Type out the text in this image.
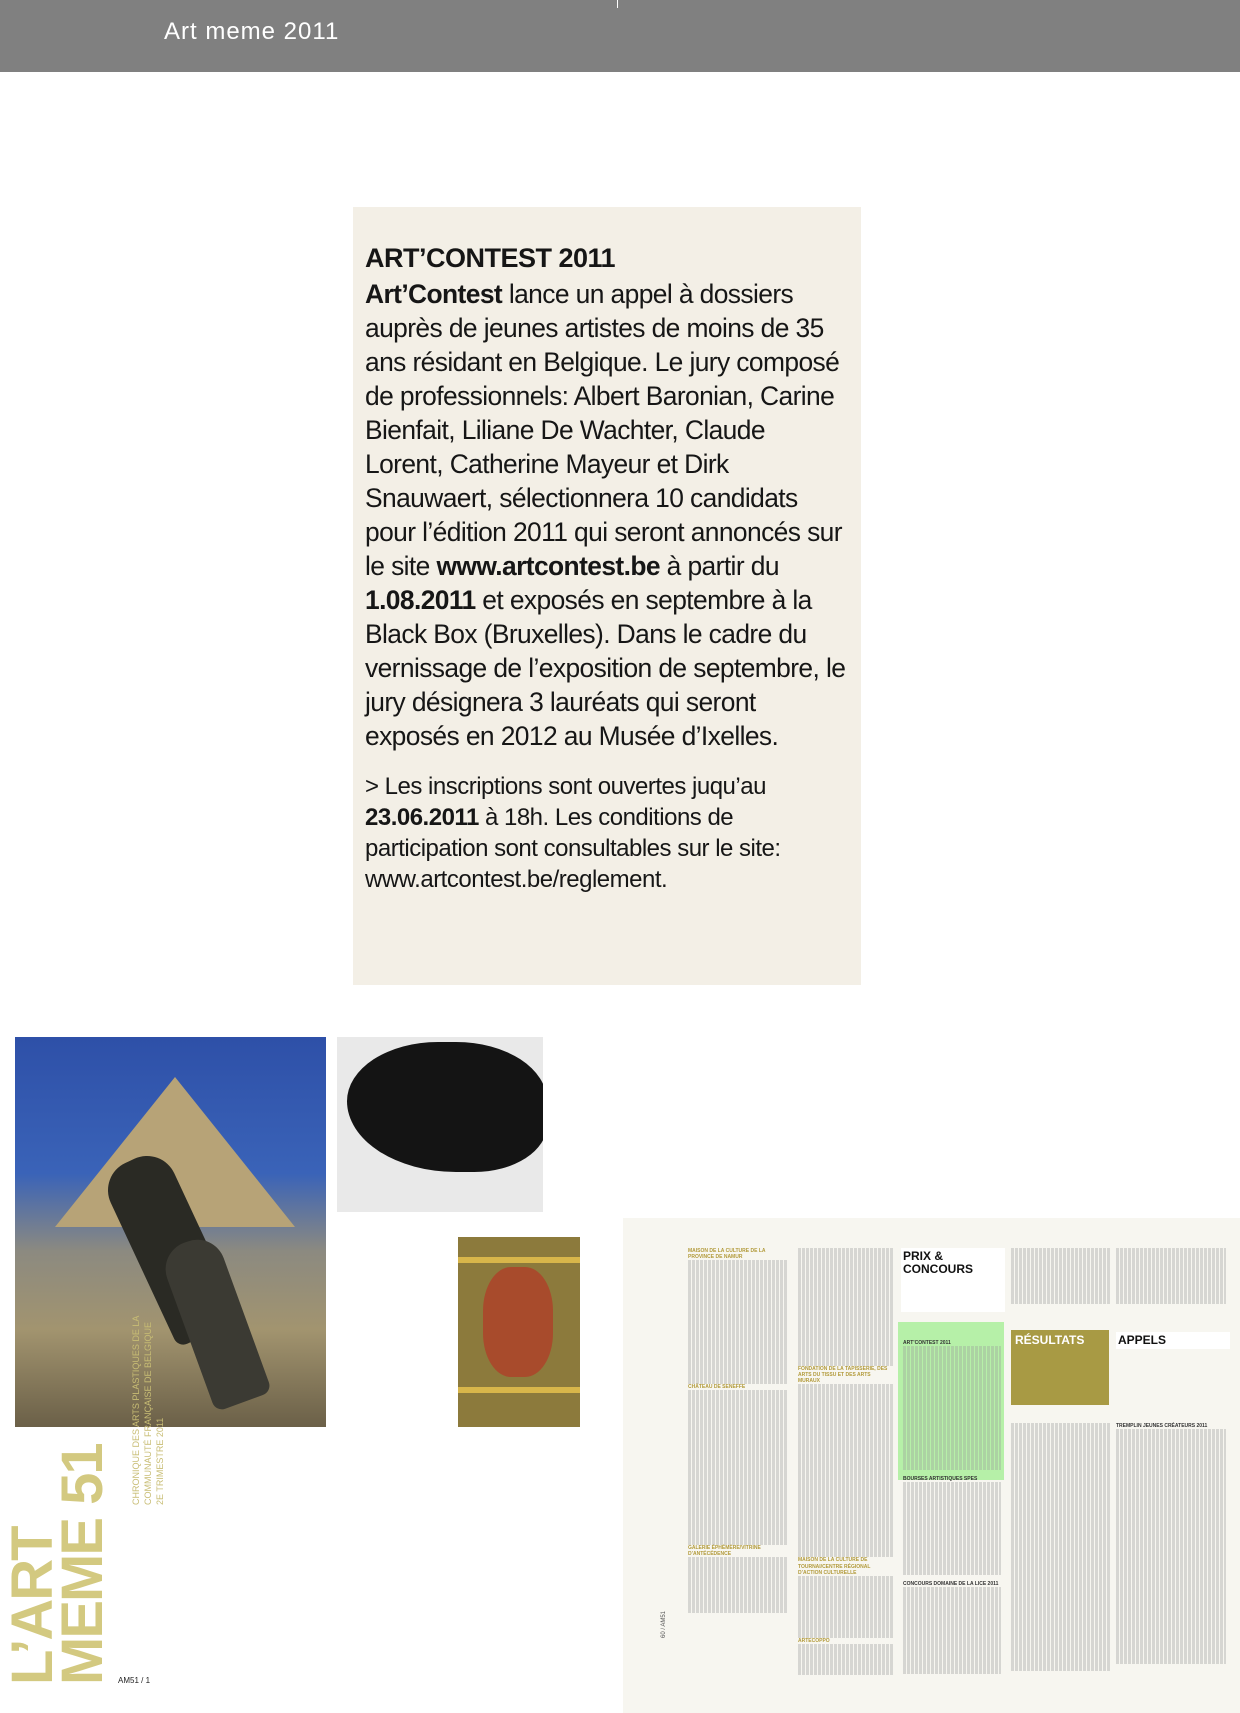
Art meme 2011
ART’CONTEST 2011
Art’Contest lance un appel à dossiers auprès de jeunes artistes de moins de 35 ans résidant en Belgique. Le jury composé de professionnels: Albert Baronian, Carine Bienfait, Liliane De Wachter, Claude Lorent, Catherine Mayeur et Dirk Snauwaert, sélectionnera 10 candidats pour l’édition 2011 qui seront annoncés sur le site www.artcontest.be à partir du 1.08.2011 et exposés en septembre à la Black Box (Bruxelles). Dans le cadre du vernissage de l’exposition de septembre, le jury désignera 3 lauréats qui seront exposés en 2012 au Musée d’Ixelles.
> Les inscriptions sont ouvertes juqu’au 23.06.2011 à 18h. Les conditions de participation sont consultables sur le site: www.artcontest.be/reglement.
L’ART MEME 51
CHRONIQUE DES ARTS PLASTIQUES DE LA COMMUNAUTÉ FRANÇAISE DE BELGIQUE 2E TRIMESTRE 2011
AM51 / 1
PRIX & CONCOURS
RÉSULTATS	APPELS
MAISON DE LA CULTURE DE LA PROVINCE DE NAMUR
CHÂTEAU DE SENEFFE
GALERIE ÉPHÉMÈRE/VITRINE D’ANTÉCÉDENCE
FONDATION DE LA TAPISSERIE, DES ARTS DU TISSU ET DES ARTS MURAUX
MAISON DE LA CULTURE DE TOURNAI/CENTRE RÉGIONAL D’ACTION CULTURELLE
ARTECOPPO
ART’CONTEST 2011
BOURSES ARTISTIQUES SPES
CONCOURS DOMAINE DE LA LICE 2011
TREMPLIN JEUNES CRÉATEURS 2011
60 / AM51
